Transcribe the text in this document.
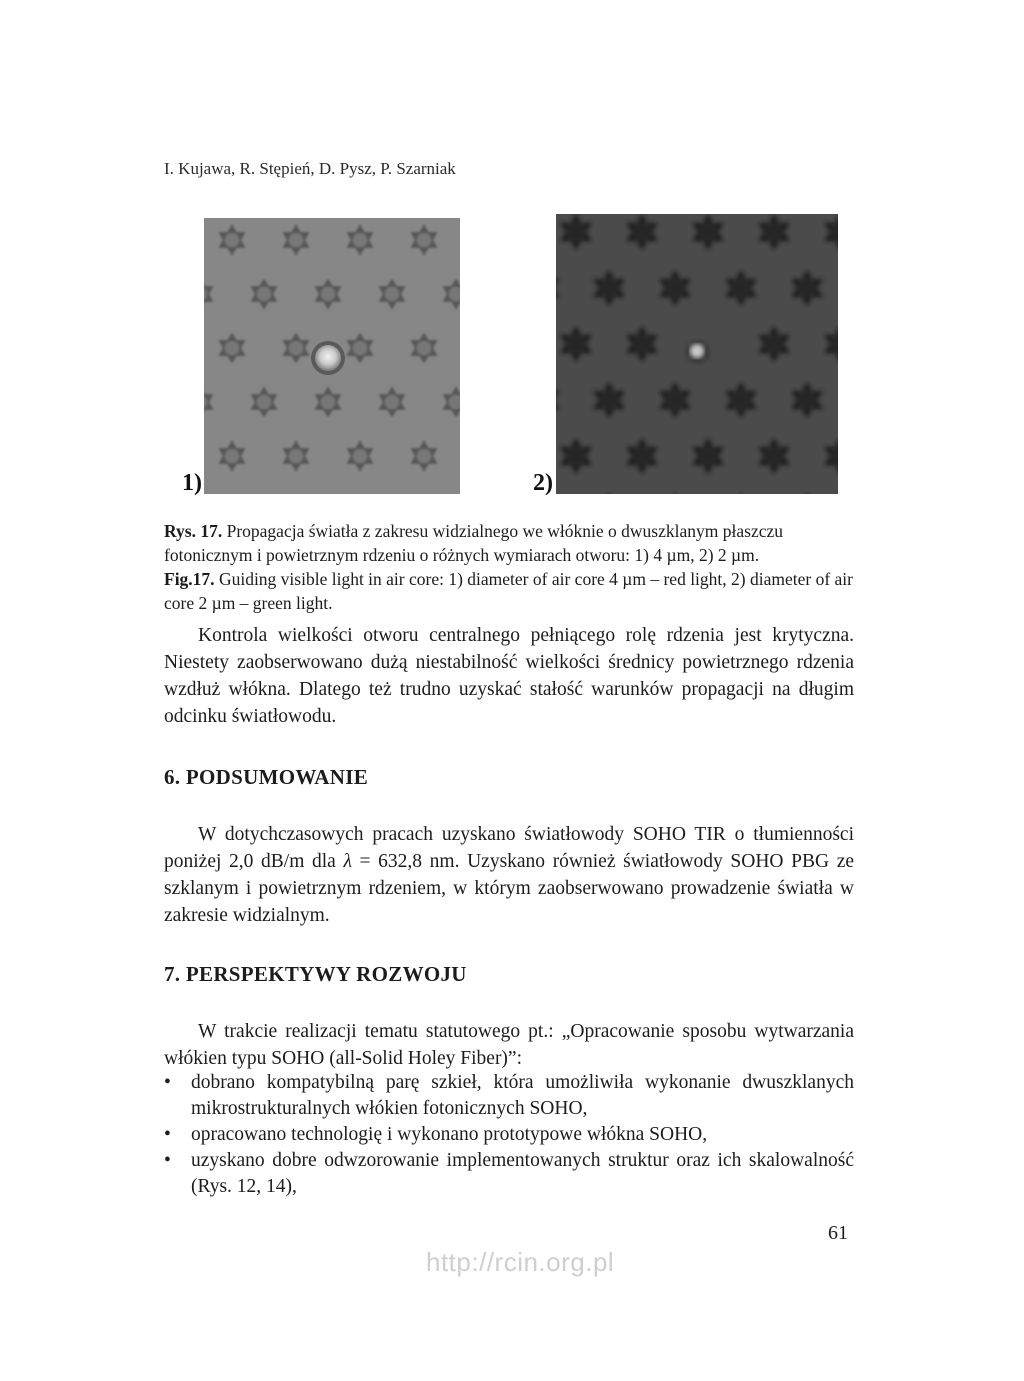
I. Kujawa, R. Stępień, D. Pysz, P. Szarniak
1)	2)

Rys. 17. Propagacja światła z zakresu widzialnego we włóknie o dwuszklanym płaszczu fotonicznym i powietrznym rdzeniu o różnych wymiarach otworu: 1) 4 µm, 2) 2 µm.

Fig.17. Guiding visible light in air core: 1) diameter of air core 4 µm – red light, 2) diameter of air core 2 µm – green light.

Kontrola wielkości otworu centralnego pełniącego rolę rdzenia jest krytyczna. Niestety zaobserwowano dużą niestabilność wielkości średnicy powietrznego rdzenia wzdłuż włókna. Dlatego też trudno uzyskać stałość warunków propagacji na długim odcinku światłowodu.

6. PODSUMOWANIE

W dotychczasowych pracach uzyskano światłowody SOHO TIR o tłumienności poniżej 2,0 dB/m dla λ = 632,8 nm. Uzyskano również światłowody SOHO PBG ze szklanym i powietrznym rdzeniem, w którym zaobserwowano prowadzenie światła w zakresie widzialnym.

7. PERSPEKTYWY ROZWOJU

W trakcie realizacji tematu statutowego pt.: „Opracowanie sposobu wytwarzania włókien typu SOHO (all-Solid Holey Fiber)”:

• dobrano kompatybilną parę szkieł, która umożliwiła wykonanie dwuszklanych mikrostrukturalnych włókien fotonicznych SOHO,
• opracowano technologię i wykonano prototypowe włókna SOHO,
• uzyskano dobre odwzorowanie implementowanych struktur oraz ich skalowalność (Rys. 12, 14),
61
http://rcin.org.pl
